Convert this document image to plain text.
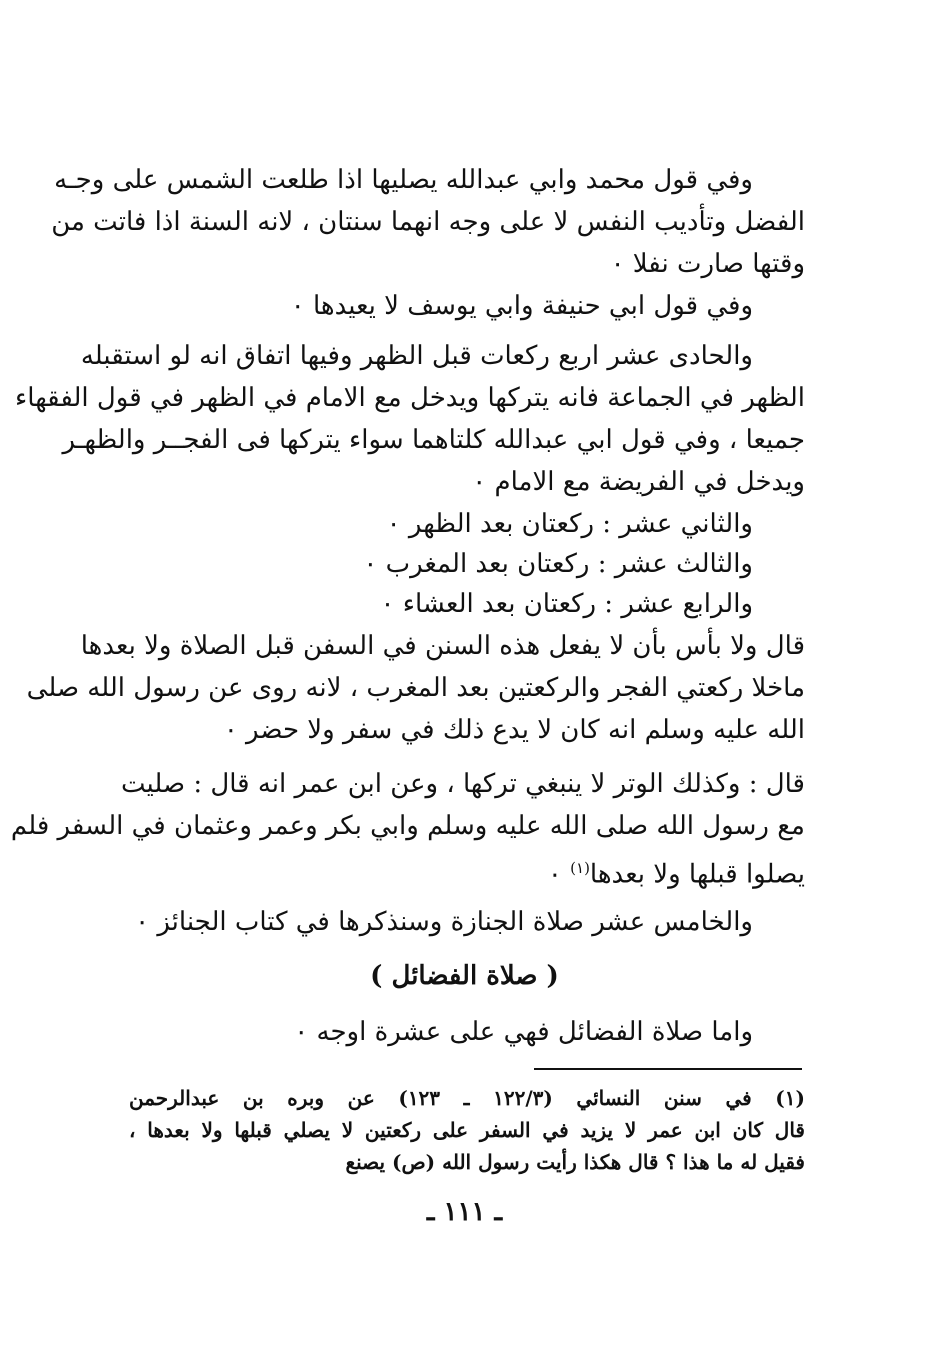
وفي قول محمد وابي عبدالله يصليها اذا طلعت الشمس على وجـه
الفضل وتأديب النفس لا على وجه انهما سنتان ، لانه السنة اذا فاتت من
وقتها صارت نفلا ٠
وفي قول ابي حنيفة وابي يوسف لا يعيدها ٠
والحادى عشر اربع ركعات قبل الظهر وفيها اتفاق انه لو استقبله
الظهر في الجماعة فانه يتركها ويدخل مع الامام في الظهر في قول الفقهاء
جميعا ، وفي قول ابي عبدالله كلتاهما سواء يتركها فى الفجــر والظهـر
ويدخل في الفريضة مع الامام ٠
والثاني عشر : ركعتان بعد الظهر ٠
والثالث عشر : ركعتان بعد المغرب ٠
والرابع عشر : ركعتان بعد العشاء ٠
قال ولا بأس بأن لا يفعل هذه السنن في السفن قبل الصلاة ولا بعدها
ماخلا ركعتي الفجر والركعتين بعد المغرب ، لانه روى عن رسول الله صلى
الله عليه وسلم انه كان لا يدع ذلك في سفر ولا حضر ٠
قال : وكذلك الوتر لا ينبغي تركها ، وعن ابن عمر انه قال : صليت
مع رسول الله صلى الله عليه وسلم وابي بكر وعمر وعثمان في السفر فلم
يصلوا قبلها ولا بعدها$^{(١)}$ ٠
والخامس عشر صلاة الجنازة وسنذكرها في كتاب الجنائز ٠
( صلاة الفضائل )
واما صلاة الفضائل فهي على عشرة اوجه ٠
(١) في سنن النسائي (١٢٢/٣ ـ ١٢٣) عن وبره بن عبدالرحمن
قال كان ابن عمر لا يزيد في السفر على ركعتين لا يصلي قبلها ولا بعدها ،
فقيل له ما هذا ؟ قال هكذا رأيت رسول الله (ص) يصنع
ـ ١١١ ـ
